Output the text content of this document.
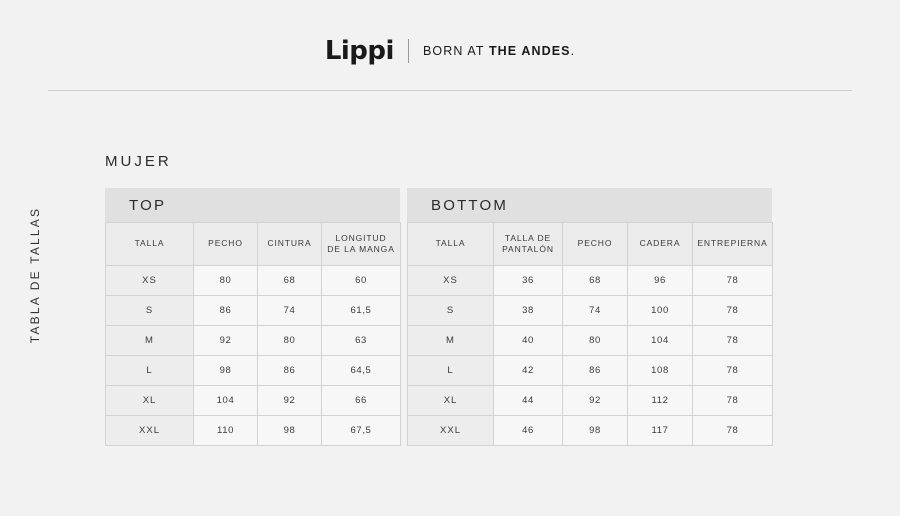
Lippi BORN AT THE ANDES.
TABLA DE TALLAS
MUJER
TOP
TALLA	PECHO	CINTURA	LONGITUD
DE LA MANGA

XS	80	68	60
S	86	74	61,5
M	92	80	63
L	98	86	64,5
XL	104	92	66
XXL	110	98	67,5
BOTTOM
TALLA	TALLA DE
PANTALÓN	PECHO	CADERA	ENTREPIERNA

XS	36	68	96	78
S	38	74	100	78
M	40	80	104	78
L	42	86	108	78
XL	44	92	112	78
XXL	46	98	117	78
